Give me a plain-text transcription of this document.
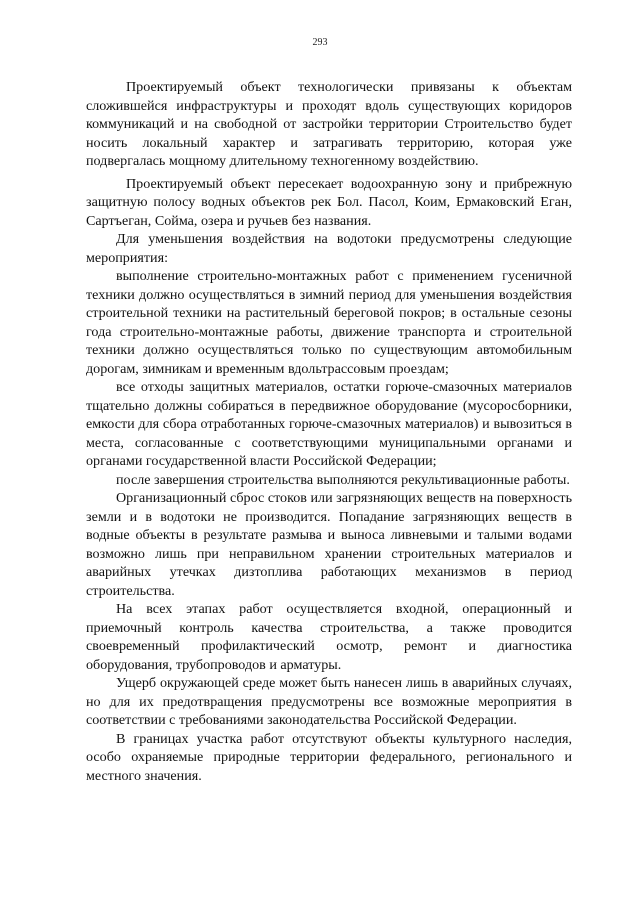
293

Проектируемый объект технологически привязаны к объектам сложившейся инфраструктуры и проходят вдоль существующих коридоров коммуникаций и на свободной от застройки территории Строительство будет носить локальный характер и затрагивать территорию, которая уже подвергалась мощному длительному техногенному воздействию.

Проектируемый объект пересекает водоохранную зону и прибрежную защитную полосу водных объектов рек Бол. Пасол, Коим, Ермаковский Еган, Сартъеган, Сойма, озера и ручьев без названия.

Для уменьшения воздействия на водотоки предусмотрены следующие мероприятия:

выполнение строительно-монтажных работ с применением гусеничной техники должно осуществляться в зимний период для уменьшения воздействия строительной техники на растительный береговой покров; в остальные сезоны года строительно-монтажные работы, движение транспорта и строительной техники должно осуществляться только по существующим автомобильным дорогам, зимникам и временным вдольтрассовым проездам;

все отходы защитных материалов, остатки горюче-смазочных материалов тщательно должны собираться в передвижное оборудование (мусоросборники, емкости для сбора отработанных горюче-смазочных материалов) и вывозиться в места, согласованные с соответствующими муниципальными органами и органами государственной власти Российской Федерации;

после завершения строительства выполняются рекультивационные работы.

Организационный сброс стоков или загрязняющих веществ на поверхность земли и в водотоки не производится. Попадание загрязняющих веществ в водные объекты в результате размыва и выноса ливневыми и талыми водами возможно лишь при неправильном хранении строительных материалов и аварийных утечках дизтоплива работающих механизмов в период строительства.

На всех этапах работ осуществляется входной, операционный и приемочный контроль качества строительства, а также проводится своевременный профилактический осмотр, ремонт и диагностика оборудования, трубопроводов и арматуры.

Ущерб окружающей среде может быть нанесен лишь в аварийных случаях, но для их предотвращения предусмотрены все возможные мероприятия в соответствии с требованиями законодательства Российской Федерации.

В границах участка работ отсутствуют объекты культурного наследия, особо охраняемые природные территории федерального, регионального и местного значения.
